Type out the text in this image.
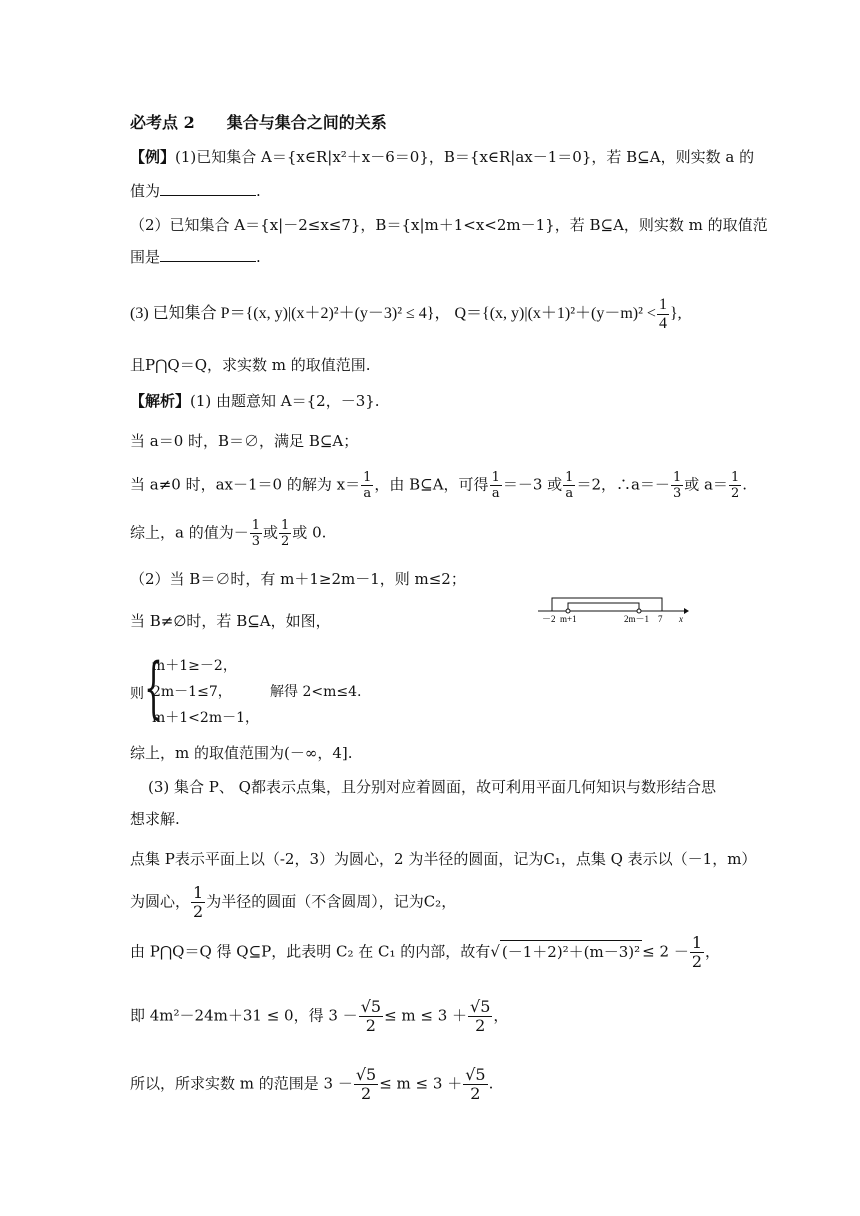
必考点 2　　集合与集合之间的关系
【例】(1)已知集合 A＝{x∈R|x²＋x－6＝0}，B＝{x∈R|ax－1＝0}，若 B⊆A，则实数 a 的
值为	.
（2）已知集合 A＝{x|－2≤x≤7}，B＝{x|m＋1<x<2m－1}，若 B⊆A，则实数 m 的取值范
围是	.
(3) 已知集合 P＝{(x, y)|(x＋2)²＋(y－3)² ≤ 4}， Q＝{(x, $y)|(x+1)^2+(y-m)^2 < \frac{1}{4}$ },
且P⋂Q＝Q，求实数 m 的取值范围.
【解析】(1) 由题意知 A＝{2，－3}.
当 a＝0 时，B＝∅，满足 B⊆A；
当 a≠0 时，ax－1＝0 的解为 $x= \frac{1}{a}$ ，由 B⊆A，可得 $\frac{1}{a} =-3$ 或 $\frac{1}{a} =2$，∴a＝－ $\frac{1}{3}$ 或 $a= \frac{1}{2}$ .
综上，a 的值为－ $\frac{1}{3}$ 或 $\frac{1}{2}$ 或 0.
（2）当 B＝∅时，有 m＋1≥2m－1，则 m≤2；
当 B≠∅时，若 B⊆A，如图，	－2 m+1	2m－1 7 x
则 {
m＋1≥－2，
2m－1≤7，
m＋1<2m－1，
解得 2<m≤4.
综上，m 的取值范围为(－∞，4].
(3) 集合 P、 Q都表示点集，且分别对应着圆面，故可利用平面几何知识与数形结合思
想求解.
点集 P表示平面上以（-2，3）为圆心，2 为半径的圆面，记为C₁，点集 Q 表示以（－1，m）
为圆心， $\frac{1}{2}$ 为半径的圆面（不含圆周），记为C₂，
由 P⋂Q＝Q 得 Q⊆P，此表明 C₂ 在 C₁ 的内部，故有√ $(-1+2)^2+(m-3)^2 \le 2 - \frac{1}{2}$ ，
即 4m²－24m＋31 ≤ 0，得 $3 - \frac{√5}{2} \le m \le 3 + \frac{√5}{2}$ ，
所以，所求实数 m 的范围是 $3 - \frac{√5}{2} \le m \le 3 + \frac{√5}{2}$ .
